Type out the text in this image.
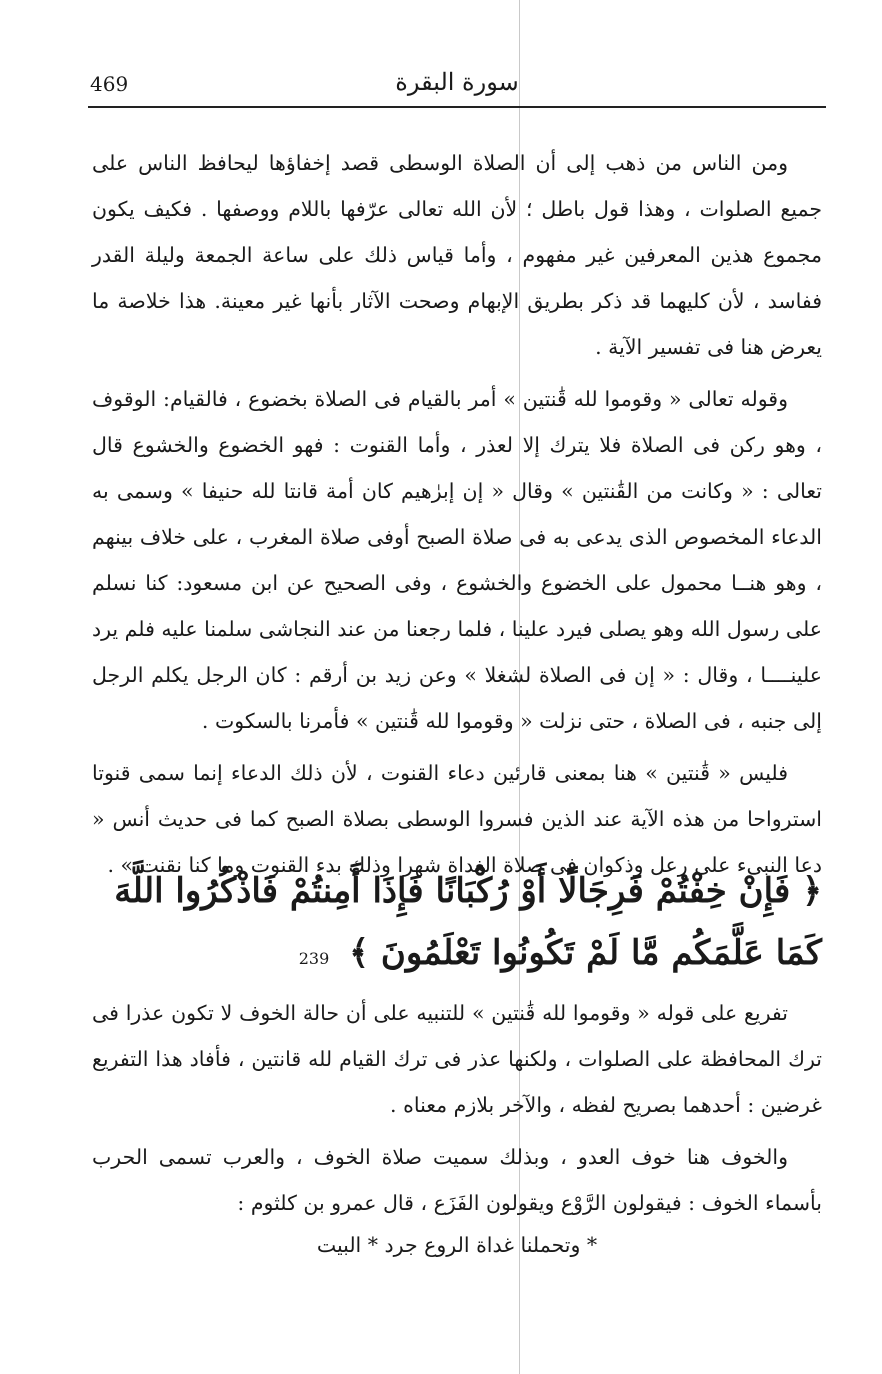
469	سورة البقرة

ومن الناس من ذهب إلى أن الصلاة الوسطى قصد إخفاؤها ليحافظ الناس على جميع الصلوات ، وهذا قول باطل ؛ لأن الله تعالى عرّفها باللام ووصفها . فكيف يكون مجموع هذين المعرفين غير مفهوم ، وأما قياس ذلك على ساعة الجمعة وليلة القدر ففاسد ، لأن كليهما قد ذكر بطريق الإبهام وصحت الآثار بأنها غير معينة. هذا خلاصة ما يعرض هنا فى تفسير الآية .

وقوله تعالى « وقوموا لله قَٰنتين » أمر بالقيام فى الصلاة بخضوع ، فالقيام: الوقوف ، وهو ركن فى الصلاة فلا يترك إلا لعذر ، وأما القنوت : فهو الخضوع والخشوع قال تعالى : « وكانت من القَٰنتين » وقال « إن إبرٰهيم كان أمة قانتا لله حنيفا » وسمى به الدعاء المخصوص الذى يدعى به فى صلاة الصبح أوفى صلاة المغرب ، على خلاف بينهم ، وهو هنــا محمول على الخضوع والخشوع ، وفى الصحيح عن ابن مسعود: كنا نسلم على رسول الله وهو يصلى فيرد علينا ، فلما رجعنا من عند النجاشى سلمنا عليه فلم يرد علينــــا ، وقال : « إن فى الصلاة لشغلا » وعن زيد بن أرقم : كان الرجل يكلم الرجل إلى جنبه ، فى الصلاة ، حتى نزلت « وقوموا لله قَٰنتين » فأمرنا بالسكوت .

فليس « قَٰنتين » هنا بمعنى قارئين دعاء القنوت ، لأن ذلك الدعاء إنما سمى قنوتا استرواحا من هذه الآية عند الذين فسروا الوسطى بصلاة الصبح كما فى حديث أنس « دعا النبىء على رعل وذكوان فى صلاة الغداة شهرا وذلك بدء القنوت وما كنا نقنت » .

﴿ فَإِنْ خِفْتُمْ فَرِجَالًا أَوْ رُكْبَانًا فَإِذَا أَمِنتُمْ فَاذْكُرُوا اللَّهَ كَمَا عَلَّمَكُم مَّا لَمْ تَكُونُوا تَعْلَمُونَ ﴾ 239

تفريع على قوله « وقوموا لله قَٰنتين » للتنبيه على أن حالة الخوف لا تكون عذرا فى ترك المحافظة على الصلوات ، ولكنها عذر فى ترك القيام لله قانتين ، فأفاد هذا التفريع غرضين : أحدهما بصريح لفظه ، والآخر بلازم معناه .

والخوف هنا خوف العدو ، وبذلك سميت صلاة الخوف ، والعرب تسمى الحرب بأسماء الخوف : فيقولون الرَّوْع ويقولون الفَزَع ، قال عمرو بن كلثوم :

* وتحملنا غداة الروع جرد * البيت
